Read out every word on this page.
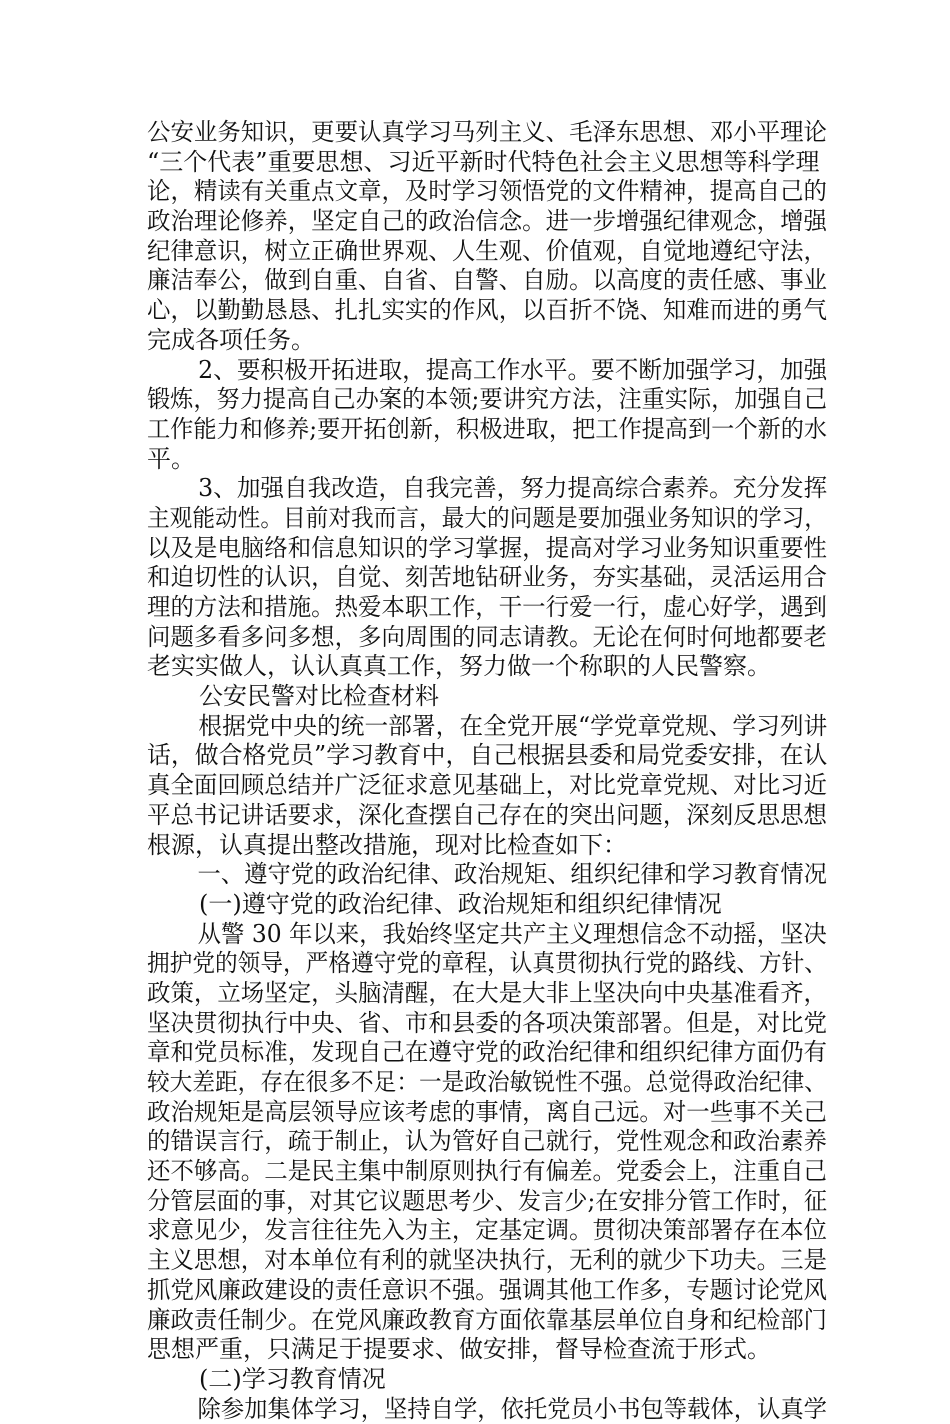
公安业务知识，更要认真学习马列主义、毛泽东思想、邓小平理论
“三个代表”重要思想、习近平新时代特色社会主义思想等科学理
论，精读有关重点文章，及时学习领悟党的文件精神，提高自己的
政治理论修养，坚定自己的政治信念。进一步增强纪律观念，增强
纪律意识，树立正确世界观、人生观、价值观，自觉地遵纪守法，
廉洁奉公，做到自重、自省、自警、自励。以高度的责任感、事业
心，以勤勤恳恳、扎扎实实的作风，以百折不饶、知难而进的勇气
完成各项任务。
2、要积极开拓进取，提高工作水平。要不断加强学习，加强
锻炼，努力提高自己办案的本领;要讲究方法，注重实际，加强自己
工作能力和修养;要开拓创新，积极进取，把工作提高到一个新的水
平。
3、加强自我改造，自我完善，努力提高综合素养。充分发挥
主观能动性。目前对我而言，最大的问题是要加强业务知识的学习，
以及是电脑络和信息知识的学习掌握，提高对学习业务知识重要性
和迫切性的认识，自觉、刻苦地钻研业务，夯实基础，灵活运用合
理的方法和措施。热爱本职工作，干一行爱一行，虚心好学，遇到
问题多看多问多想，多向周围的同志请教。无论在何时何地都要老
老实实做人，认认真真工作，努力做一个称职的人民警察。
公安民警对比检查材料
根据党中央的统一部署，在全党开展“学党章党规、学习列讲
话，做合格党员”学习教育中，自己根据县委和局党委安排，在认
真全面回顾总结并广泛征求意见基础上，对比党章党规、对比习近
平总书记讲话要求，深化查摆自己存在的突出问题，深刻反思思想
根源，认真提出整改措施，现对比检查如下：
一、遵守党的政治纪律、政治规矩、组织纪律和学习教育情况
(一)遵守党的政治纪律、政治规矩和组织纪律情况
从警 30 年以来，我始终坚定共产主义理想信念不动摇，坚决
拥护党的领导，严格遵守党的章程，认真贯彻执行党的路线、方针、
政策，立场坚定，头脑清醒，在大是大非上坚决向中央基准看齐，
坚决贯彻执行中央、省、市和县委的各项决策部署。但是，对比党
章和党员标准，发现自己在遵守党的政治纪律和组织纪律方面仍有
较大差距，存在很多不足：一是政治敏锐性不强。总觉得政治纪律、
政治规矩是高层领导应该考虑的事情，离自己远。对一些事不关己
的错误言行，疏于制止，认为管好自己就行，党性观念和政治素养
还不够高。二是民主集中制原则执行有偏差。党委会上，注重自己
分管层面的事，对其它议题思考少、发言少;在安排分管工作时，征
求意见少，发言往往先入为主，定基定调。贯彻决策部署存在本位
主义思想，对本单位有利的就坚决执行，无利的就少下功夫。三是
抓党风廉政建设的责任意识不强。强调其他工作多，专题讨论党风
廉政责任制少。在党风廉政教育方面依靠基层单位自身和纪检部门
思想严重，只满足于提要求、做安排，督导检查流于形式。
(二)学习教育情况
除参加集体学习，坚持自学，依托党员小书包等载体，认真学
